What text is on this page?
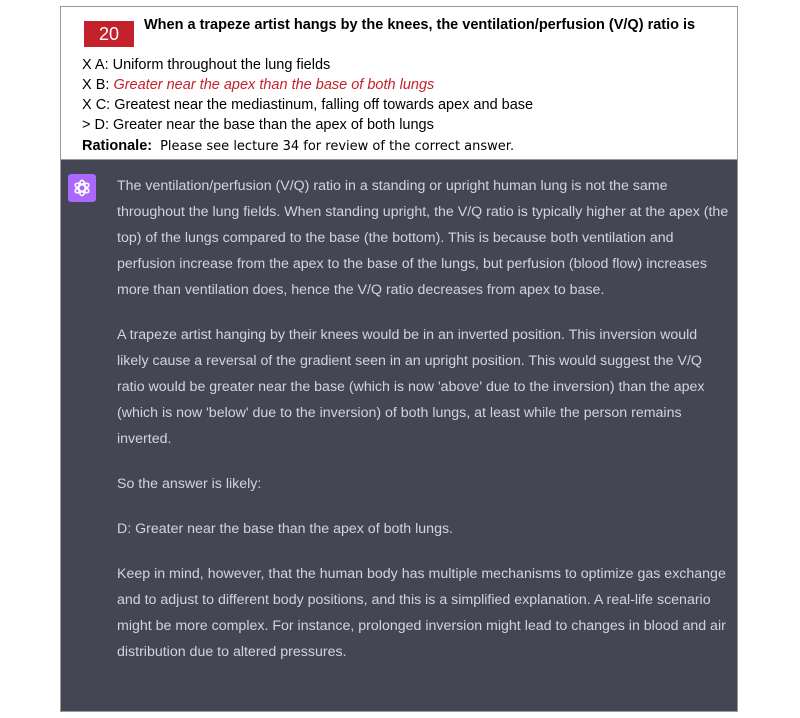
20	When a trapeze artist hangs by the knees, the ventilation/perfusion (V/Q) ratio is
X A: Uniform throughout the lung fields
X B: Greater near the apex than the base of both lungs
X C: Greatest near the mediastinum, falling off towards apex and base
> D: Greater near the base than the apex of both lungs
Rationale: Please see lecture 34 for review of the correct answer.

The ventilation/perfusion (V/Q) ratio in a standing or upright human lung is not the same throughout the lung fields. When standing upright, the V/Q ratio is typically higher at the apex (the top) of the lungs compared to the base (the bottom). This is because both ventilation and perfusion increase from the apex to the base of the lungs, but perfusion (blood flow) increases more than ventilation does, hence the V/Q ratio decreases from apex to base.

A trapeze artist hanging by their knees would be in an inverted position. This inversion would likely cause a reversal of the gradient seen in an upright position. This would suggest the V/Q ratio would be greater near the base (which is now 'above' due to the inversion) than the apex (which is now 'below' due to the inversion) of both lungs, at least while the person remains inverted.

So the answer is likely:

D: Greater near the base than the apex of both lungs.

Keep in mind, however, that the human body has multiple mechanisms to optimize gas exchange and to adjust to different body positions, and this is a simplified explanation. A real-life scenario might be more complex. For instance, prolonged inversion might lead to changes in blood and air distribution due to altered pressures.
